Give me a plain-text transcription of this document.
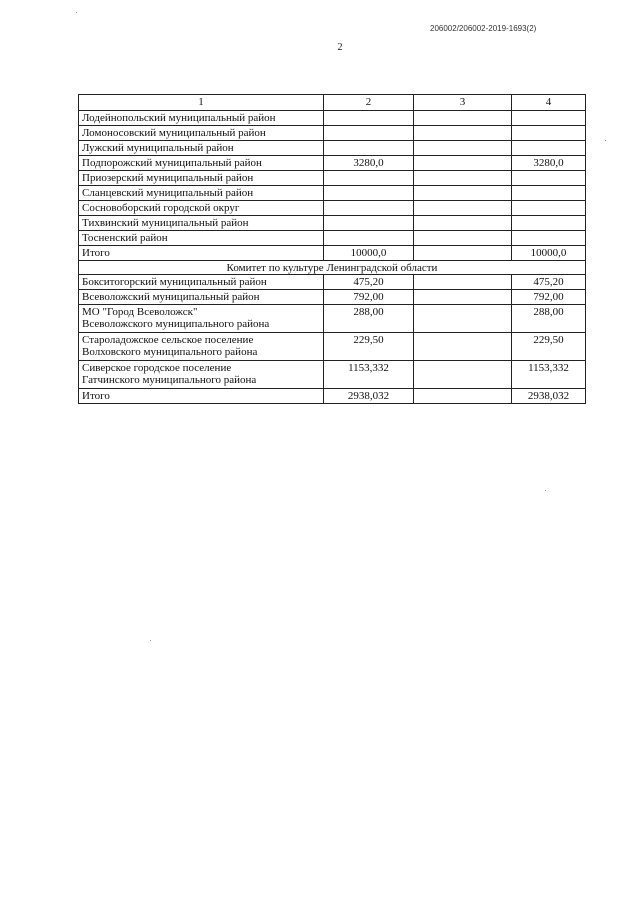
206002/206002-2019-1693(2)
2
1	2	3	4

Лодейнопольский муниципальный район			

Ломоносовский муниципальный район			

Лужский муниципальный район			

Подпорожский муниципальный район	3280,0		3280,0

Приозерский муниципальный район			

Сланцевский муниципальный район			

Сосновоборский городской округ			

Тихвинский муниципальный район			

Тосненский район			

Итого	10000,0		10000,0
Комитет по культуре Ленинградской области			

Бокситогорский муниципальный район	475,20		475,20

Всеволожский муниципальный район	792,00		792,00

МО "Город Всеволожск"
Всеволожского муниципального района	288,00		288,00

Староладожское сельское поселение
Волховского муниципального района	229,50		229,50

Сиверское городское поселение
Гатчинского муниципального района	1153,332		1153,332

Итого	2938,032		2938,032
